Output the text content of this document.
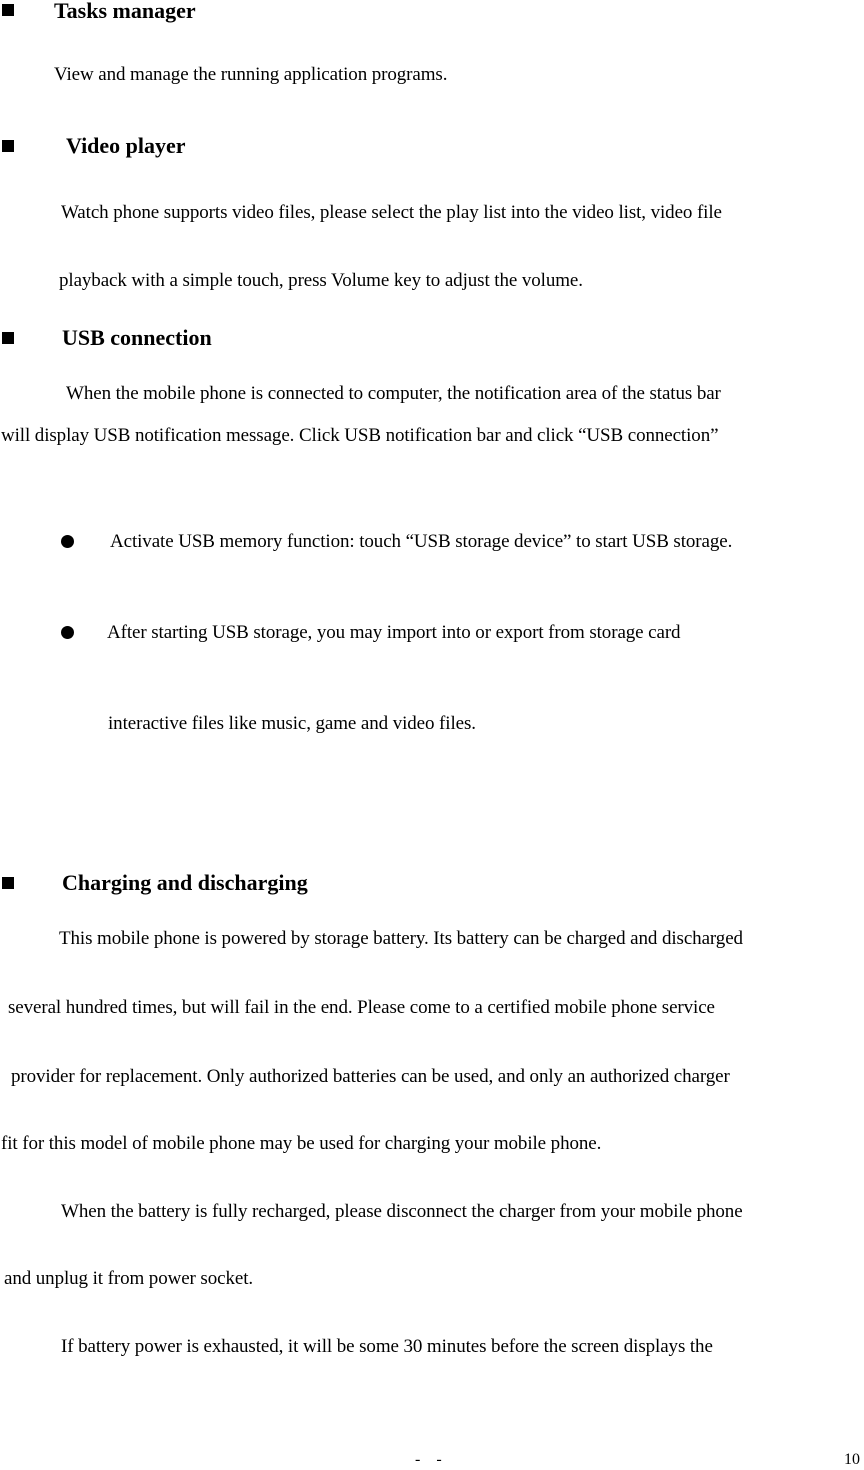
Tasks manager
View and manage the running application programs.
Video player
Watch phone supports video files, please select the play list into the video list, video file
playback with a simple touch, press Volume key to adjust the volume.
USB connection
When the mobile phone is connected to computer, the notification area of the status bar
will display USB notification message. Click USB notification bar and click “USB connection”
Activate USB memory function: touch “USB storage device” to start USB storage.
After starting USB storage, you may import into or export from storage card
interactive files like music, game and video files.
Charging and discharging
This mobile phone is powered by storage battery. Its battery can be charged and discharged
several hundred times, but will fail in the end. Please come to a certified mobile phone service
provider for replacement. Only authorized batteries can be used, and only an authorized charger
fit for this model of mobile phone may be used for charging your mobile phone.
When the battery is fully recharged, please disconnect the charger from your mobile phone
and unplug it from power socket.
If battery power is exhausted, it will be some 30 minutes before the screen displays the
-    -	10
